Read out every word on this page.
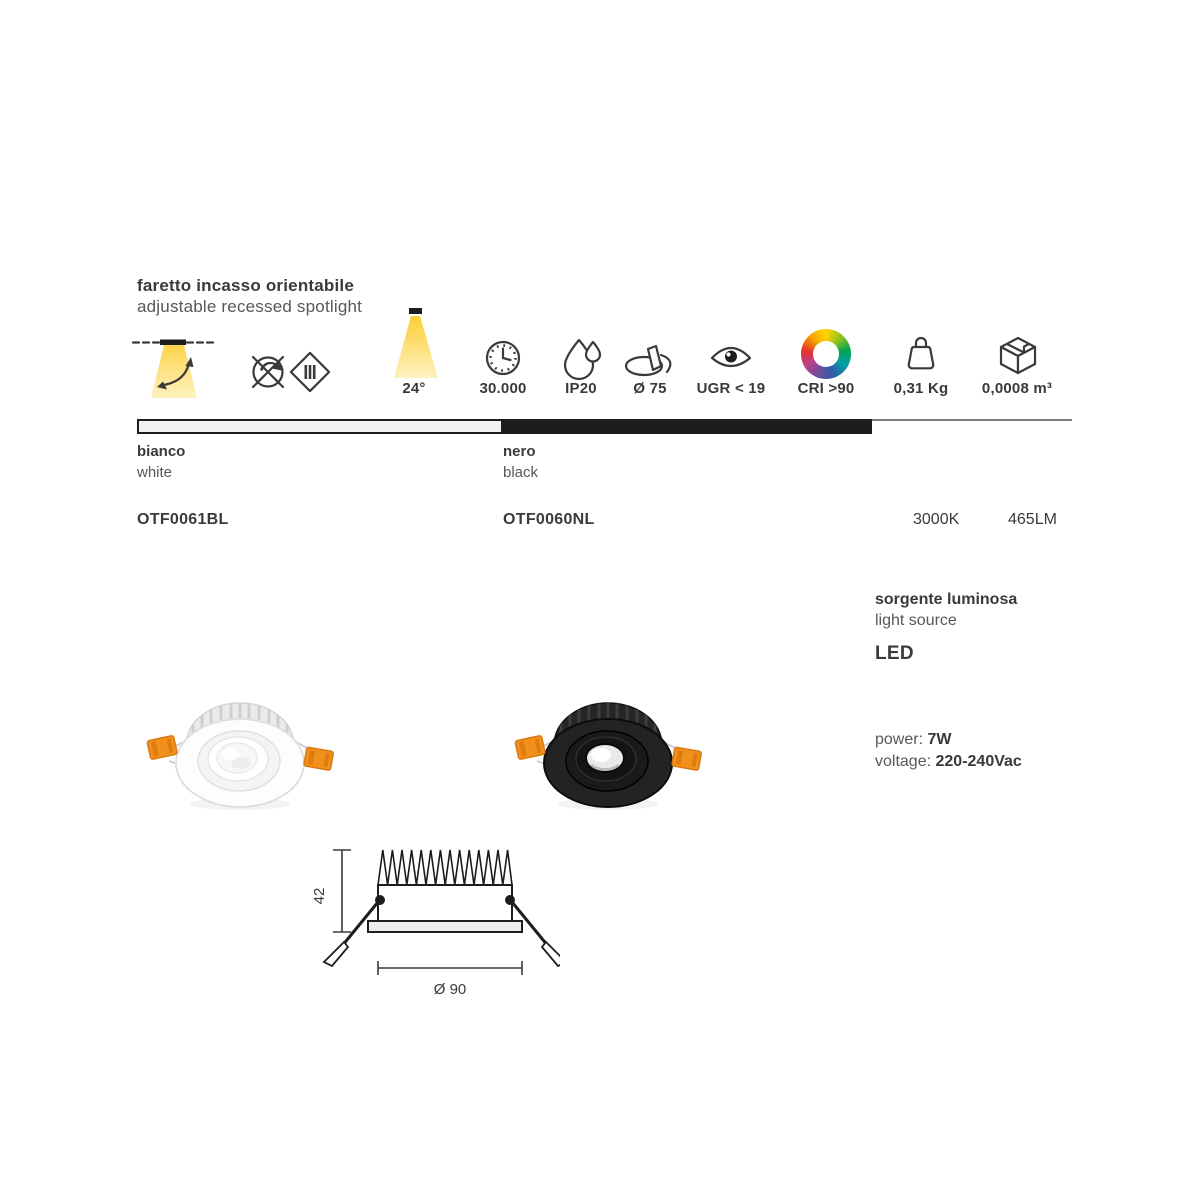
faretto incasso orientabile
adjustable recessed spotlight
24°	30.000	IP20	Ø 75	UGR < 19	CRI >90	0,31 Kg	0,0008 m³
bianco
white
nero
black
OTF0061BL	OTF0060NL	3000K	465LM
sorgente luminosa
light source
LED
power: 7W
voltage: 220-240Vac
42
Ø 90
